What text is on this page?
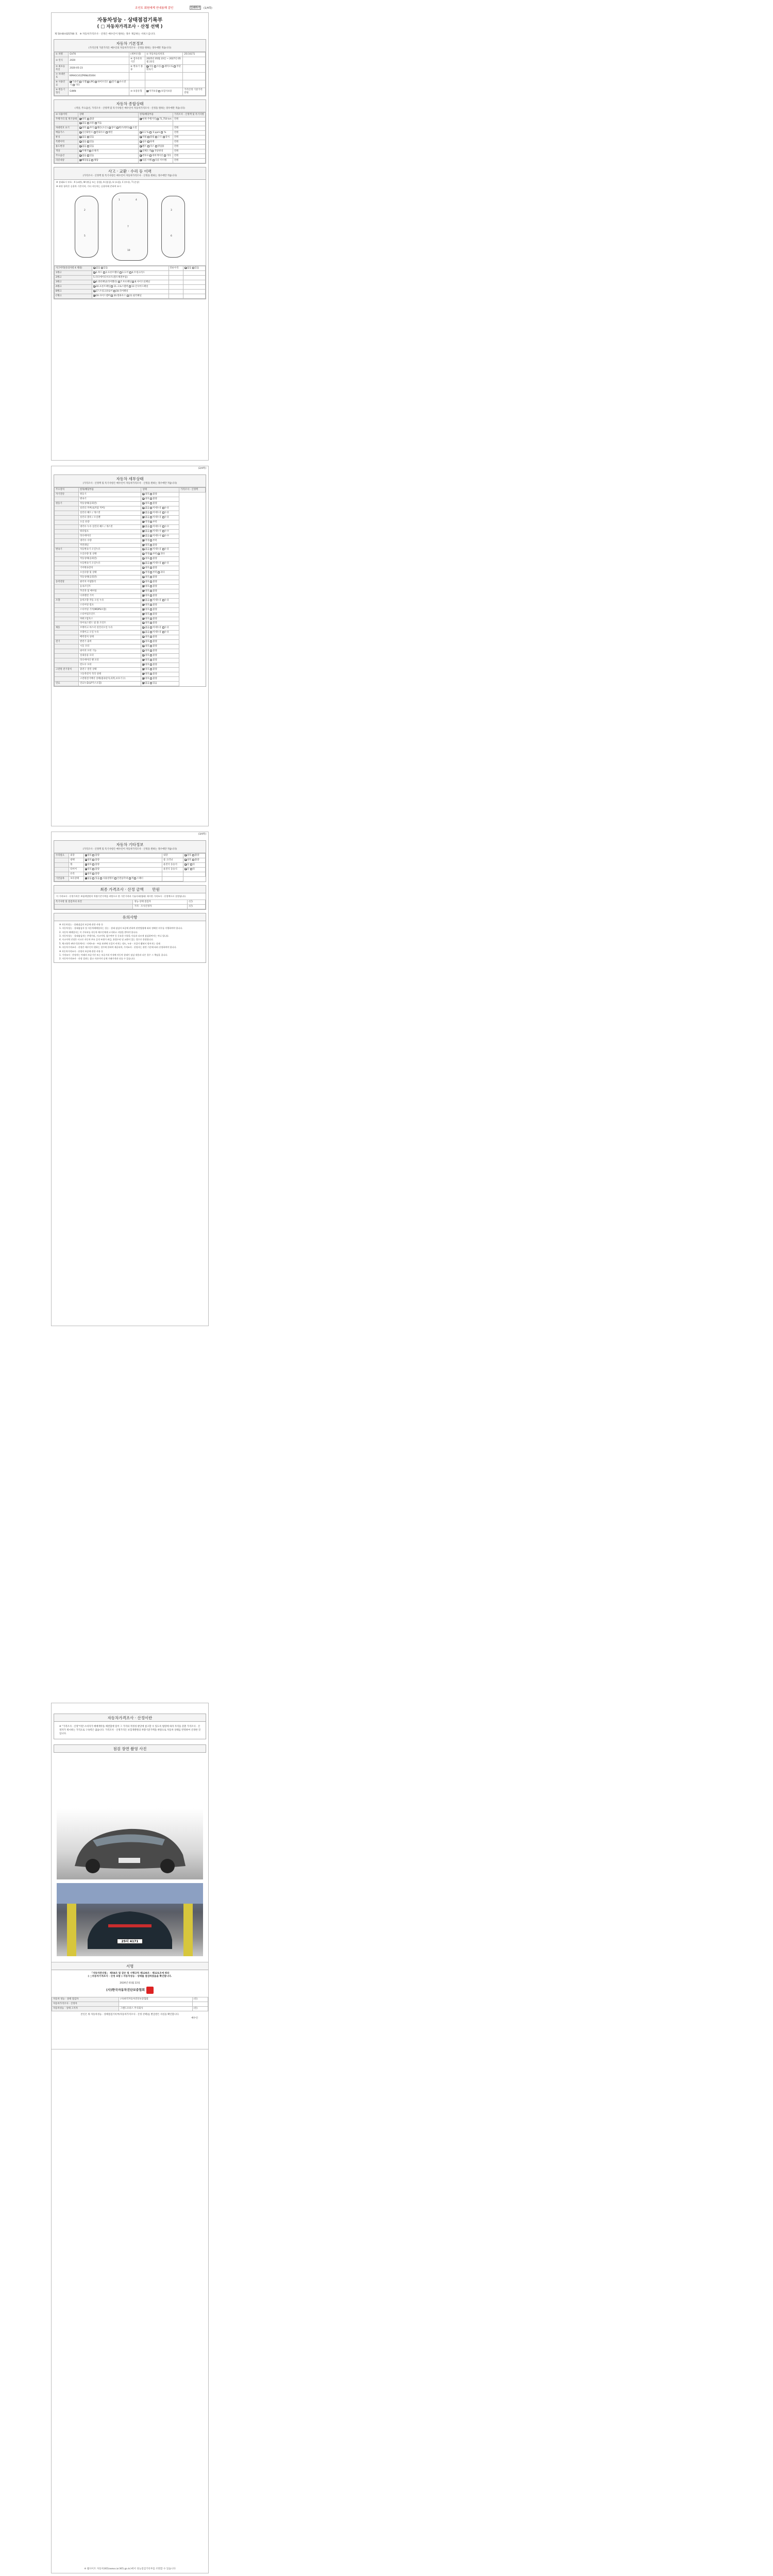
조인트 회원에게 안내용해 감인	인쇄하기 (1/4쪽)
자동차성능 · 상태점검기록부
( □ 자동차가격조사 · 산정 선택 )
제 50-00-025700 호 ※ 자동차가격조사 · 산정은 매수인이 원하는 경우 제공하는 서비스입니다.
자동차 기본정보
(가격산정 가준가격은 매수인의 자동차가격조사 · 산정을 원하는 경우에만 적습니다)
① 차명	GV70	(세부모델)	② 자동차등록번호	25더4171
③ 연식	2020	④ 검사유효기간	2025년 05월 23일 ~ 2027년 05월 22일	
⑤ 최초등록일	2020-05-23	⑥ 변속기 종류	자동 수동 세미오토 무단변속기	
⑦ 차대번호	KMHGC41ZP6NL05004			
⑧ 사용연료	가솔린 디젤 LPG 하이브리드 전기 수소전기 기타			
⑨ 원동기형식	G4KN	⑩ 보증유형	자가보증 보험사보증	가격산정 기준가격 만원
자동차 종합상태
(색상, 주요옵션, 가격조사 · 산정액 및 특기사항은 매수인이 자동차가격조사 · 산정을 원하는 경우에만 적습니다)
⑩ 사용이력	상태	항목/해당부품	가격조사 · 산정액 및 특기사항
주행거리 및 계기상태	양호 불량	현재 주행거리 71,750 km	만원
	많음 보통 적음		
차대번호 표기	양호 부식 훼손(오손) 상이 변조(변타) 도말		만원
배출가스	일산화탄소 탄화수소 매연	0.1 %  0 ppm  %	만원
튜닝	없음 있음	적법 불법 구조 장치	만원
특별이력	없음 있음	침수 화재	만원
용도변경	없음 있음	렌트 리스 영업용	만원
색상	무채색 유채색	전체도색 색상변경	만원
주요옵션	없음 있음	썬루프 네비게이션 기타	만원
리콜대상	해당없음 해당	리콜 이행 리콜 미이행	만원
사고 · 교환 · 수리 등 이력
(가격조사 · 산정액 및 특기사항은 매수인이 자동차가격조사 · 산정을 원하는 경우에만 적습니다)
※ 상태표시 부호 : X (교환), W (판금 또는 용접), A (흠집), U (요철), C (부식), T (손상)
※ 하단 항목은 승용차 기준이며, 기타 자동차는 승용차에 준하여 표시
1	4
7
10
2
5
3
6
사고이력(유의사항 4 제외)	없음 있음	단순수리	없음 있음
1랭크	1.후드 2.프론트휀더 3.도어 4.트렁크리드		
2랭크	5.라디에이터서포트(볼트체결부품)		
3랭크	6.쿼터패널(리어휀더) 7.루프패널 8.사이드실패널		
A랭크	10.프론트패널 11.크로스멤버 12.인사이드패널		
B랭크	17.트렁크플로어 18.리어패널		
C랭크	19.사이드멤버 20.휠하우스 21.필러패널		
(2/4쪽)
자동차 세부상태
(가격조사 · 산정액 및 특기사항은 매수인이 자동차가격조사 · 산정을 원하는 경우에만 적습니다)
주요장치	항목/해당부품	상태	가격조사 · 산정액
자기진단	원동기	양호 불량	
	변속기	양호 불량	
원동기	작동상태(공회전)	양호 불량	
	실린더 커버(로커암 커버)	없음 미세누유 누유	
	실린더 헤드 / 개스킷	없음 미세누유 누유	
	실린더 블록 / 오일팬	없음 미세누유 누유	
	오일 유량	적정 부족	
	냉각수 누수 실린더 헤드 / 개스킷	없음 미세누수 누수	
	워터펌프	없음 미세누수 누수	
	라디에이터	없음 미세누수 누수	
	냉각수 수량	적정 부족	
	커먼레일	양호 불량	
변속기	자동변속기 오일누유	없음 미세누유 누유	
	오일유량 및 상태	적정 부족 과다	
	작동상태(공회전)	양호 불량	
	수동변속기 오일누유	없음 미세누유 누유	
	기어변속장치	양호 불량	
	오일유량 및 상태	적정 부족 과다	
	작동상태(공회전)	양호 불량	
동력전달	클러치 어셈블리	양호 불량	
	등속조인트	양호 불량	
	추진축 및 베어링	양호 불량	
	디퍼렌셜 기어	양호 불량	
조향	동력조향 작동 오일 누유	없음 미세누유 누유	
	스티어링 펌프	양호 불량	
	스티어링 기어(MDPS포함)	양호 불량	
	스티어링조인트	양호 불량	
	파워고압호스	양호 불량	
	타이로드엔드 및 볼 조인트	양호 불량	
제동	브레이크 마스터 실린더오일 누유	없음 미세누유 누유	
	브레이크 오일 누유	없음 미세누유 누유	
	배력장치 상태	양호 불량	
전기	발전기 출력	양호 불량	
	시동 모터	양호 불량	
	와이퍼 모터 기능	양호 불량	
	실내송풍 모터	양호 불량	
	라디에이터 팬 모터	양호 불량	
	윈도우 모터	양호 불량	
고전원 전기장치	충전구 절연 상태	양호 불량	
	구동축전지 격리 상태	양호 불량	
	고전원전기배선 상태(접속단자,피복,보호기구)	양호 불량	
연료	연료누출(LP가스포함)	없음 있음	
(3/4쪽)
자동차 기타정보
(가격조사 · 산정액 및 특기사항은 매수인이 자동차가격조사 · 산정을 원하는 경우에만 적습니다)
수리필요	외장	양호 불량	내장	양호 불량
	광택	양호 불량	룸 크리닝	양호 불량
	휠	양호 불량	운전석 동승석	앞 뒤
	타이어	양호 불량	운전석 동승석	앞 뒤
	유리	양호 불량		
기본품목	보유상태	없음 있음 사용설명서 안전삼각대 잭 스패너		
최종 가격조사 · 산정 금액 만원
이 가격조사 · 산정가격은 보험개발원의 차량기준가액을 바탕으로 한 가준가격과 기술사회(협회) 제시한 가격조사 · 산정액으로 결정됩니다.
특기사항 및 점검자의 의견	성능·상태 점검자	(인)
	가격 · 조사산정자	(인)
유의사항

※ 자동차성능 · 상태점검의 보증에 관한 사항 등

1. 자동차성능 · 상태점검자 및 자동차매매업자는 성능 · 상태 점검의 보증에 관하여 관련법령에 따라 정해진 의무를 이행하여야 합니다.

2. 자동차 매매업자는 이 기록부를 자동차 매수인에게 고지하고 서명을 받아야 합니다.

3. 자동차성능 · 상태점검자는 주행거리, 사고이력, 침수여부 등 중요한 사항을 사실과 다르게 점검하여서는 아니 됩니다.

4. 사고이력 인정은 사고로 자동차 주요 골격 부위가 판금, 용접수리 및 교환이 있는 경우로 한정합니다.

5. 체크항목 판단기준(예시) : 미세누유 - 부품 표면에 오일이 비치는 정도, 누유 - 오일이 맺혀서 떨어지는 상태

6. 자동차가격조사 · 산정은 매수인이 원하는 경우에 한하여 제공되며, 가격조사 · 산정자는 관련 기준에 따라 산정하여야 합니다.

※ 자동차가격조사 · 산정의 보증에 관한 사항 등

1. 가격조사 · 산정자는 아래의 보증기간 또는 보증거리 이내에 자동차 상태가 점검 내용과 다른 경우 그 책임을 집니다.

2. 자동차가격조사 · 산정 결과는 참고 자료이며 실제 거래가격과 다를 수 있습니다.

자동차가격조사 · 산정이란
※ "가격조사 · 산정"이란 소비자가 매매계약을 체결함에 있어 그 가격의 적정성 판단에 참고할 수 있도록 법령에 따라 자격을 갖춘 가격조사 · 산정자가 제시하는 가격으로 구속력은 없습니다. 가격조사 · 산정가격은 보험개발원의 차량기준가액을 바탕으로 자동차 상태를 반영하여 산정한 것입니다.
점검 장면 촬영 사진
25더 4171
서명
「자동차관리법」 제58조 및 같은 법 시행규칙 제120조 · 제121조에 따라
( □자동차가격조사 · 산정 포함 ) 자동차성능 · 상태를 점검하였음을 확인합니다.
2026년 01월 22일
(사)한국자동차진단보증협회
자동차 성능 · 상태 점검자	(사)한국자동차진단보증협회	(인)
자동차가격조사 · 산정자		
자동차성능 · 상태 고지자	그랜드모터스 주식회사	(인)
본인은 위 자동차성능 · 상태점검기록부(자동차가격조사 · 산정 선택)를 발급받은 사실을 확인합니다.
매수인
※ 웹사이트 자동차365(www.car365.go.kr)에서 성능점검기록부를 조회할 수 있습니다
